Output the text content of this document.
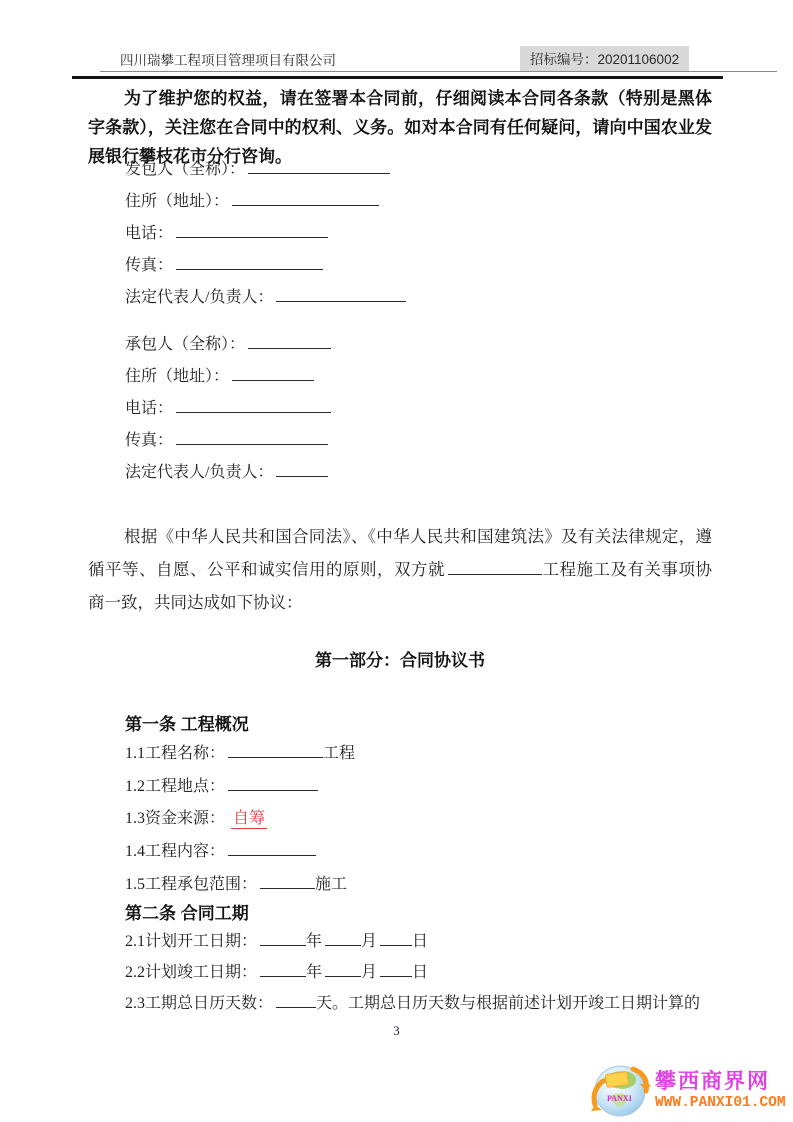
四川瑞攀工程项目管理项目有限公司	招标编号：20201106002
为了维护您的权益，请在签署本合同前，仔细阅读本合同各条款（特别是黑体字条款），关注您在合同中的权利、义务。如对本合同有任何疑问，请向中国农业发展银行攀枝花市分行咨询。
发包人（全称）：
住所（地址）：
电话：
传真：
法定代表人/负责人：
承包人（全称）：
住所（地址）：
电话：
传真：
法定代表人/负责人：
根据《中华人民共和国合同法》、《中华人民共和国建筑法》及有关法律规定，遵循平等、自愿、公平和诚实信用的原则，双方就	工程施工及有关事项协商一致，共同达成如下协议：
第一部分：合同协议书
第一条 工程概况
1.1工程名称：	工程
1.2工程地点：
1.3资金来源： 自筹
1.4工程内容：
1.5工程承包范围：	施工
第二条 合同工期
2.1计划开工日期：	年 月 日
2.2计划竣工日期：	年 月 日
2.3工期总日历天数：	天。工期总日历天数与根据前述计划开竣工日期计算的
3
PANXI
攀西商界网
WWW.PANXI01.COM
